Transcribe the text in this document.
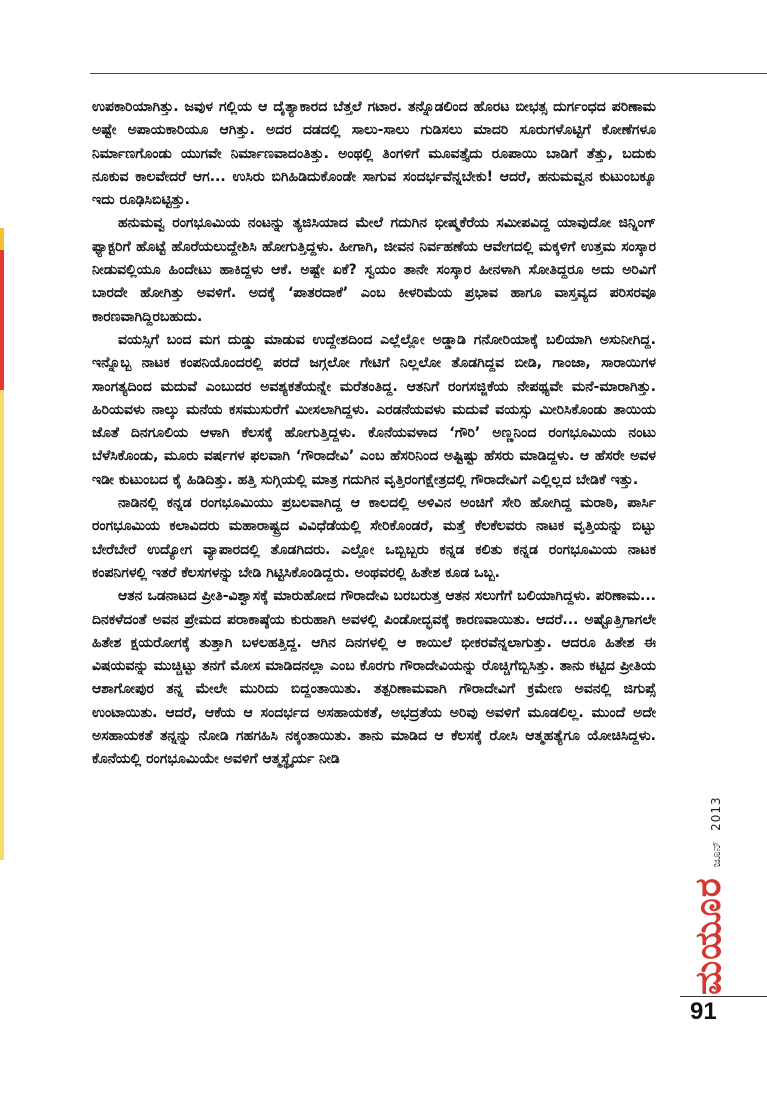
ಉಪಕಾರಿಯಾಗಿತ್ತು. ಜವುಳ ಗಲ್ಲಿಯ ಆ ದೈತ್ಯಾಕಾರದ ಬೆತ್ತಲೆ ಗಟಾರ. ತನ್ನೊಡಲಿಂದ ಹೊರಟ ಬೀಭತ್ಸ ದುರ್ಗಂಧದ ಪರಿಣಾಮ ಅಷ್ಟೇ ಅಪಾಯಕಾರಿಯೂ ಆಗಿತ್ತು. ಅದರ ದಡದಲ್ಲಿ ಸಾಲು-ಸಾಲು ಗುಡಿಸಲು ಮಾದರಿ ಸೂರುಗಳೊಟ್ಟಿಗೆ ಕೋಣೆಗಳೂ ನಿರ್ಮಾಣಗೊಂಡು ಯುಗವೇ ನಿರ್ಮಾಣವಾದಂತಿತ್ತು. ಅಂಥಲ್ಲಿ ತಿಂಗಳಿಗೆ ಮೂವತ್ತೈದು ರೂಪಾಯಿ ಬಾಡಿಗೆ ತೆತ್ತು, ಬದುಕು ನೂಕುವ ಕಾಲವೇದರೆ ಆಗ... ಉಸಿರು ಬಿಗಿಹಿಡಿದುಕೊಂಡೇ ಸಾಗುವ ಸಂದರ್ಭವೆನ್ನಬೇಕು! ಆದರೆ, ಹನುಮವ್ವನ ಕುಟುಂಬಕ್ಕೂ ಇದು ರೂಢಿಸಿಬಿಟ್ಟಿತ್ತು.

ಹನುಮವ್ವ ರಂಗಭೂಮಿಯ ನಂಟನ್ನು ತ್ಯಜಿಸಿಯಾದ ಮೇಲೆ ಗದುಗಿನ ಭೀಷ್ಮಕೆರೆಯ ಸಮೀಪವಿದ್ದ ಯಾವುದೋ ಜಿನ್ನಿಂಗ್ ಫ್ಯಾಕ್ಟರಿಗೆ ಹೊಟ್ಟೆ ಹೊರೆಯಲುದ್ದೇಶಿಸಿ ಹೋಗುತ್ತಿದ್ದಳು. ಹೀಗಾಗಿ, ಜೀವನ ನಿರ್ವಹಣೆಯ ಆವೇಗದಲ್ಲಿ ಮಕ್ಕಳಿಗೆ ಉತ್ತಮ ಸಂಸ್ಕಾರ ನೀಡುವಲ್ಲಿಯೂ ಹಿಂದೇಟು ಹಾಕಿದ್ದಳು ಆಕೆ. ಅಷ್ಟೇ ಏಕೆ? ಸ್ವಯಂ ತಾನೇ ಸಂಸ್ಕಾರ ಹೀನಳಾಗಿ ಸೋತಿದ್ದರೂ ಅದು ಅರಿವಿಗೆ ಬಾರದೇ ಹೋಗಿತ್ತು ಅವಳಿಗೆ. ಅದಕ್ಕೆ ‘ಪಾತರದಾಕೆ’ ಎಂಬ ಕೀಳರಿಮೆಯ ಪ್ರಭಾವ ಹಾಗೂ ವಾಸ್ತವ್ಯದ ಪರಿಸರವೂ ಕಾರಣವಾಗಿದ್ದಿರಬಹುದು.

ವಯಸ್ಸಿಗೆ ಬಂದ ಮಗ ದುಡ್ಡು ಮಾಡುವ ಉದ್ದೇಶದಿಂದ ಎಲ್ಲೆಲ್ಲೋ ಅಡ್ಡಾಡಿ ಗನೋರಿಯಾಕ್ಕೆ ಬಲಿಯಾಗಿ ಅಸುನೀಗಿದ್ದ. ಇನ್ನೊಬ್ಬ ನಾಟಕ ಕಂಪನಿಯೊಂದರಲ್ಲಿ ಪರದೆ ಜಗ್ಗಲೋ ಗೇಟಿಗೆ ನಿಲ್ಲಲೋ ತೊಡಗಿದ್ದವ ಬೀಡಿ, ಗಾಂಜಾ, ಸಾರಾಯಿಗಳ ಸಾಂಗತ್ಯದಿಂದ ಮದುವೆ ಎಂಬುದರ ಅವಶ್ಯಕತೆಯನ್ನೇ ಮರೆತಂತಿದ್ದ. ಆತನಿಗೆ ರಂಗಸಜ್ಜಿಕೆಯ ನೇಪಥ್ಯವೇ ಮನೆ-ಮಾರಾಗಿತ್ತು. ಹಿರಿಯವಳು ನಾಲ್ಕು ಮನೆಯ ಕಸಮುಸುರೆಗೆ ಮೀಸಲಾಗಿದ್ದಳು. ಎರಡನೆಯವಳು ಮದುವೆ ವಯಸ್ಸು ಮೀರಿಸಿಕೊಂಡು ತಾಯಿಯ ಜೊತೆ ದಿನಗೂಲಿಯ ಆಳಾಗಿ ಕೆಲಸಕ್ಕೆ ಹೋಗುತ್ತಿದ್ದಳು. ಕೊನೆಯವಳಾದ ‘ಗೌರಿ’ ಅಣ್ಣನಿಂದ ರಂಗಭೂಮಿಯ ನಂಟು ಬೆಳೆಸಿಕೊಂಡು, ಮೂರು ವರ್ಷಗಳ ಫಲವಾಗಿ ‘ಗೌರಾದೇವಿ’ ಎಂಬ ಹೆಸರಿನಿಂದ ಅಷ್ಟಿಷ್ಟು ಹೆಸರು ಮಾಡಿದ್ದಳು. ಆ ಹೆಸರೇ ಅವಳ ಇಡೀ ಕುಟುಂಬದ ಕೈ ಹಿಡಿದಿತ್ತು. ಹತ್ತಿ ಸುಗ್ಗಿಯಲ್ಲಿ ಮಾತ್ರ ಗದುಗಿನ ವೃತ್ತಿರಂಗಕ್ಷೇತ್ರದಲ್ಲಿ ಗೌರಾದೇವಿಗೆ ಎಲ್ಲಿಲ್ಲದ ಬೇಡಿಕೆ ಇತ್ತು.

ನಾಡಿನಲ್ಲಿ ಕನ್ನಡ ರಂಗಭೂಮಿಯು ಪ್ರಬಲವಾಗಿದ್ದ ಆ ಕಾಲದಲ್ಲಿ ಅಳಿವಿನ ಅಂಚಿಗೆ ಸೇರಿ ಹೋಗಿದ್ದ ಮರಾಠಿ, ಪಾರ್ಸಿ ರಂಗಭೂಮಿಯ ಕಲಾವಿದರು ಮಹಾರಾಷ್ಟ್ರದ ವಿವಿಧೆಡೆಯಲ್ಲಿ ಸೇರಿಕೊಂಡರೆ, ಮತ್ತೆ ಕೆಲಕೆಲವರು ನಾಟಕ ವೃತ್ತಿಯನ್ನು ಬಿಟ್ಟು ಬೇರೆಬೇರೆ ಉದ್ಯೋಗ ವ್ಯಾಪಾರದಲ್ಲಿ ತೊಡಗಿದರು. ಎಲ್ಲೋ ಒಬ್ಬಿಬ್ಬರು ಕನ್ನಡ ಕಲಿತು ಕನ್ನಡ ರಂಗಭೂಮಿಯ ನಾಟಕ ಕಂಪನಿಗಳಲ್ಲಿ ಇತರೆ ಕೆಲಸಗಳನ್ನು ಬೇಡಿ ಗಿಟ್ಟಿಸಿಕೊಂಡಿದ್ದರು. ಅಂಥವರಲ್ಲಿ ಹಿತೇಶ ಕೂಡ ಒಬ್ಬ.

ಆತನ ಒಡನಾಟದ ಪ್ರೀತಿ-ವಿಶ್ವಾಸಕ್ಕೆ ಮಾರುಹೋದ ಗೌರಾದೇವಿ ಬರಬರುತ್ತ ಆತನ ಸಲುಗೆಗೆ ಬಲಿಯಾಗಿದ್ದಳು. ಪರಿಣಾಮ... ದಿನಕಳೆದಂತೆ ಅವನ ಪ್ರೇಮದ ಪರಾಕಾಷ್ಠೆಯ ಕುರುಹಾಗಿ ಅವಳಲ್ಲಿ ಪಿಂಡೋದ್ಭವಕ್ಕೆ ಕಾರಣವಾಯಿತು. ಆದರೆ... ಅಷ್ಟೊತ್ತಿಗಾಗಲೇ ಹಿತೇಶ ಕ್ಷಯರೋಗಕ್ಕೆ ತುತ್ತಾಗಿ ಬಳಲಹತ್ತಿದ್ದ. ಆಗಿನ ದಿನಗಳಲ್ಲಿ ಆ ಕಾಯಿಲೆ ಭೀಕರವೆನ್ನಲಾಗುತ್ತು. ಆದರೂ ಹಿತೇಶ ಈ ವಿಷಯವನ್ನು ಮುಚ್ಚಿಟ್ಟು ತನಗೆ ಮೋಸ ಮಾಡಿದನಲ್ಲಾ ಎಂಬ ಕೊರಗು ಗೌರಾದೇವಿಯನ್ನು ರೊಚ್ಚಿಗೆಬ್ಬಿಸಿತ್ತು. ತಾನು ಕಟ್ಟಿದ ಪ್ರೀತಿಯ ಆಶಾಗೋಪುರ ತನ್ನ ಮೇಲೇ ಮುರಿದು ಬಿದ್ದಂತಾಯಿತು. ತತ್ಪರಿಣಾಮವಾಗಿ ಗೌರಾದೇವಿಗೆ ಕ್ರಮೇಣ ಅವನಲ್ಲಿ ಜಿಗುಪ್ಸೆ ಉಂಟಾಯಿತು. ಆದರೆ, ಆಕೆಯ ಆ ಸಂದರ್ಭದ ಅಸಹಾಯಕತೆ, ಅಭದ್ರತೆಯ ಅರಿವು ಅವಳಿಗೆ ಮೂಡಲಿಲ್ಲ. ಮುಂದೆ ಅದೇ ಅಸಹಾಯಕತೆ ತನ್ನನ್ನು ನೋಡಿ ಗಹಗಹಿಸಿ ನಕ್ಕಂತಾಯಿತು. ತಾನು ಮಾಡಿದ ಆ ಕೆಲಸಕ್ಕೆ ರೋಸಿ ಆತ್ಮಹತ್ಯೆಗೂ ಯೋಚಿಸಿದ್ದಳು. ಕೊನೆಯಲ್ಲಿ ರಂಗಭೂಮಿಯೇ ಅವಳಿಗೆ ಆತ್ಮಸ್ಥೈರ್ಯ ನೀಡಿ

ಮಯೂರ
ಜೂನ್
2013
91
